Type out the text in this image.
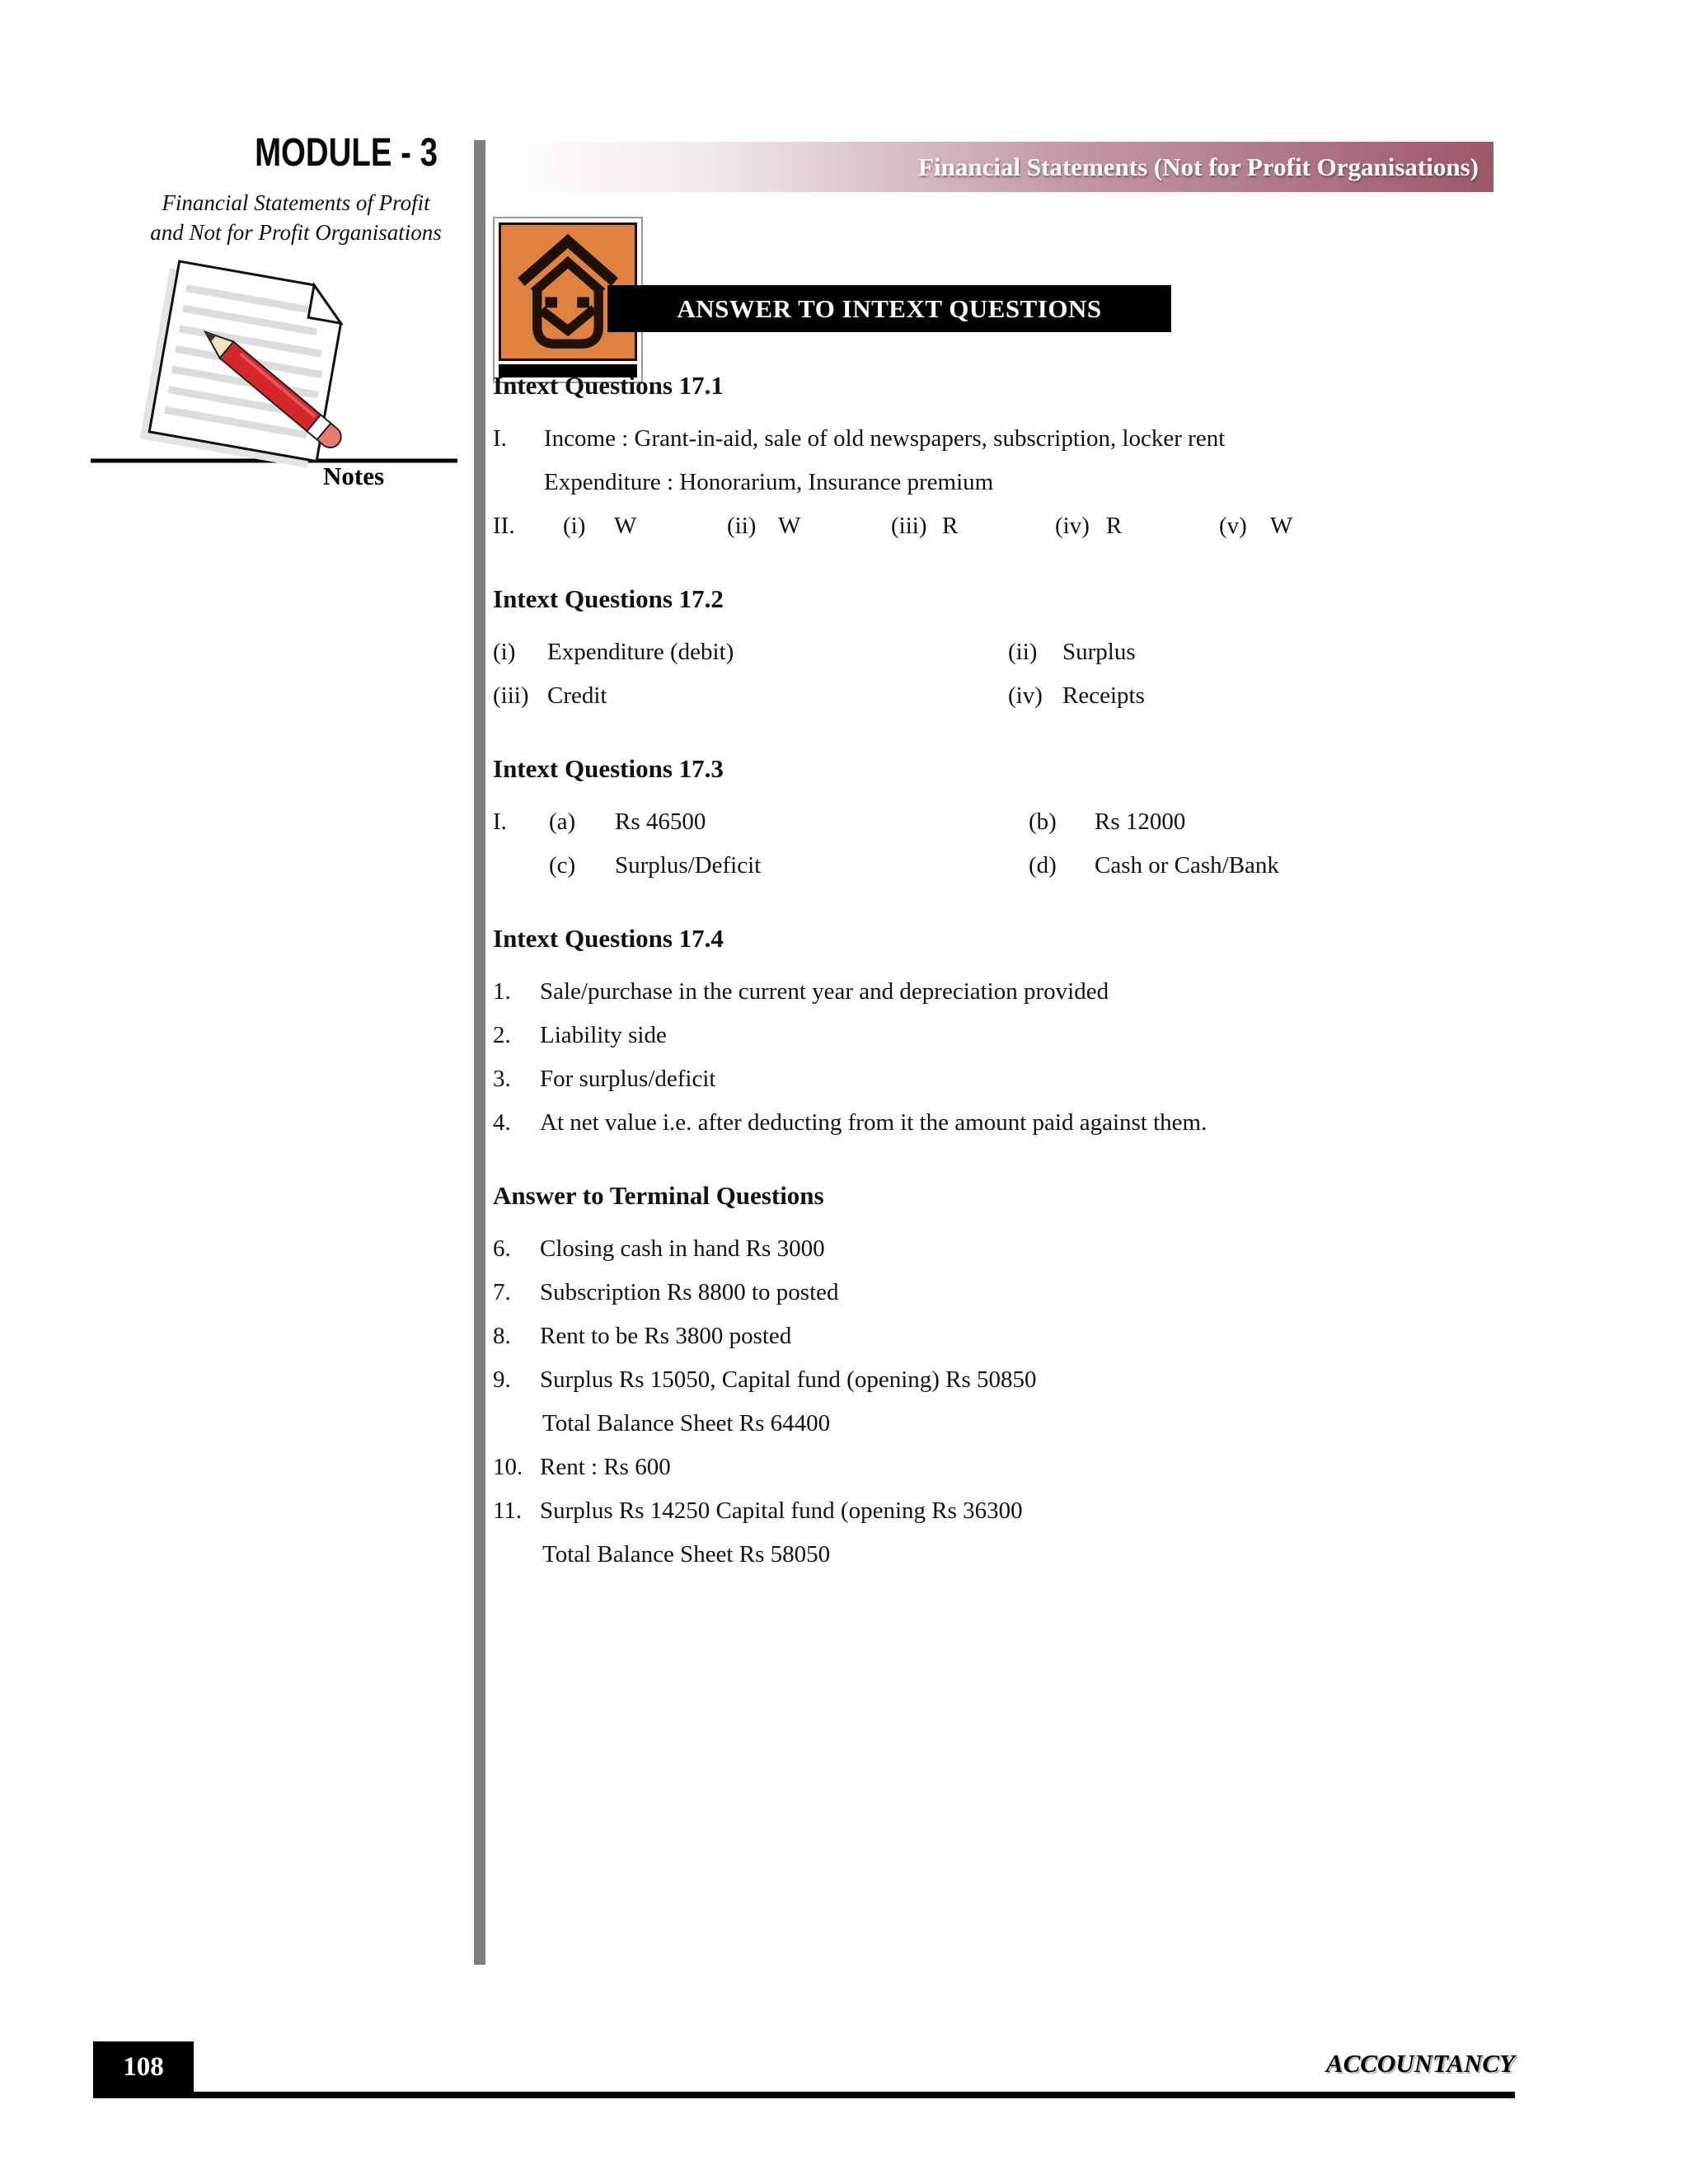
MODULE - 3
Financial Statements of Profit
and Not for Profit Organisations
Notes
Financial Statements (Not for Profit Organisations)
ANSWER TO INTEXT QUESTIONS
Intext Questions 17.1
I.	Income : Grant-in-aid, sale of old newspapers, subscription, locker rent
Expenditure : Honorarium, Insurance premium
II.	(i)	W	(ii) W	(iii) R	(iv) R	(v) W
Intext Questions 17.2
(i)	Expenditure (debit)	(ii)	Surplus
(iii) Credit	(iv) Receipts
Intext Questions 17.3
I.	(a)	Rs 46500	(b)	Rs 12000
(c)	Surplus/Deficit	(d)	Cash or Cash/Bank
Intext Questions 17.4
1.	Sale/purchase in the current year and depreciation provided
2.	Liability side
3.	For surplus/deficit
4.	At net value i.e. after deducting from it the amount paid against them.
Answer to Terminal Questions
6.	Closing cash in hand Rs 3000
7.	Subscription Rs 8800 to posted
8.	Rent to be Rs 3800 posted
9.	Surplus Rs 15050, Capital fund (opening) Rs 50850
Total Balance Sheet Rs 64400
10. Rent : Rs 600
11. Surplus Rs 14250 Capital fund (opening Rs 36300
Total Balance Sheet Rs 58050
108	ACCOUNTANCY
